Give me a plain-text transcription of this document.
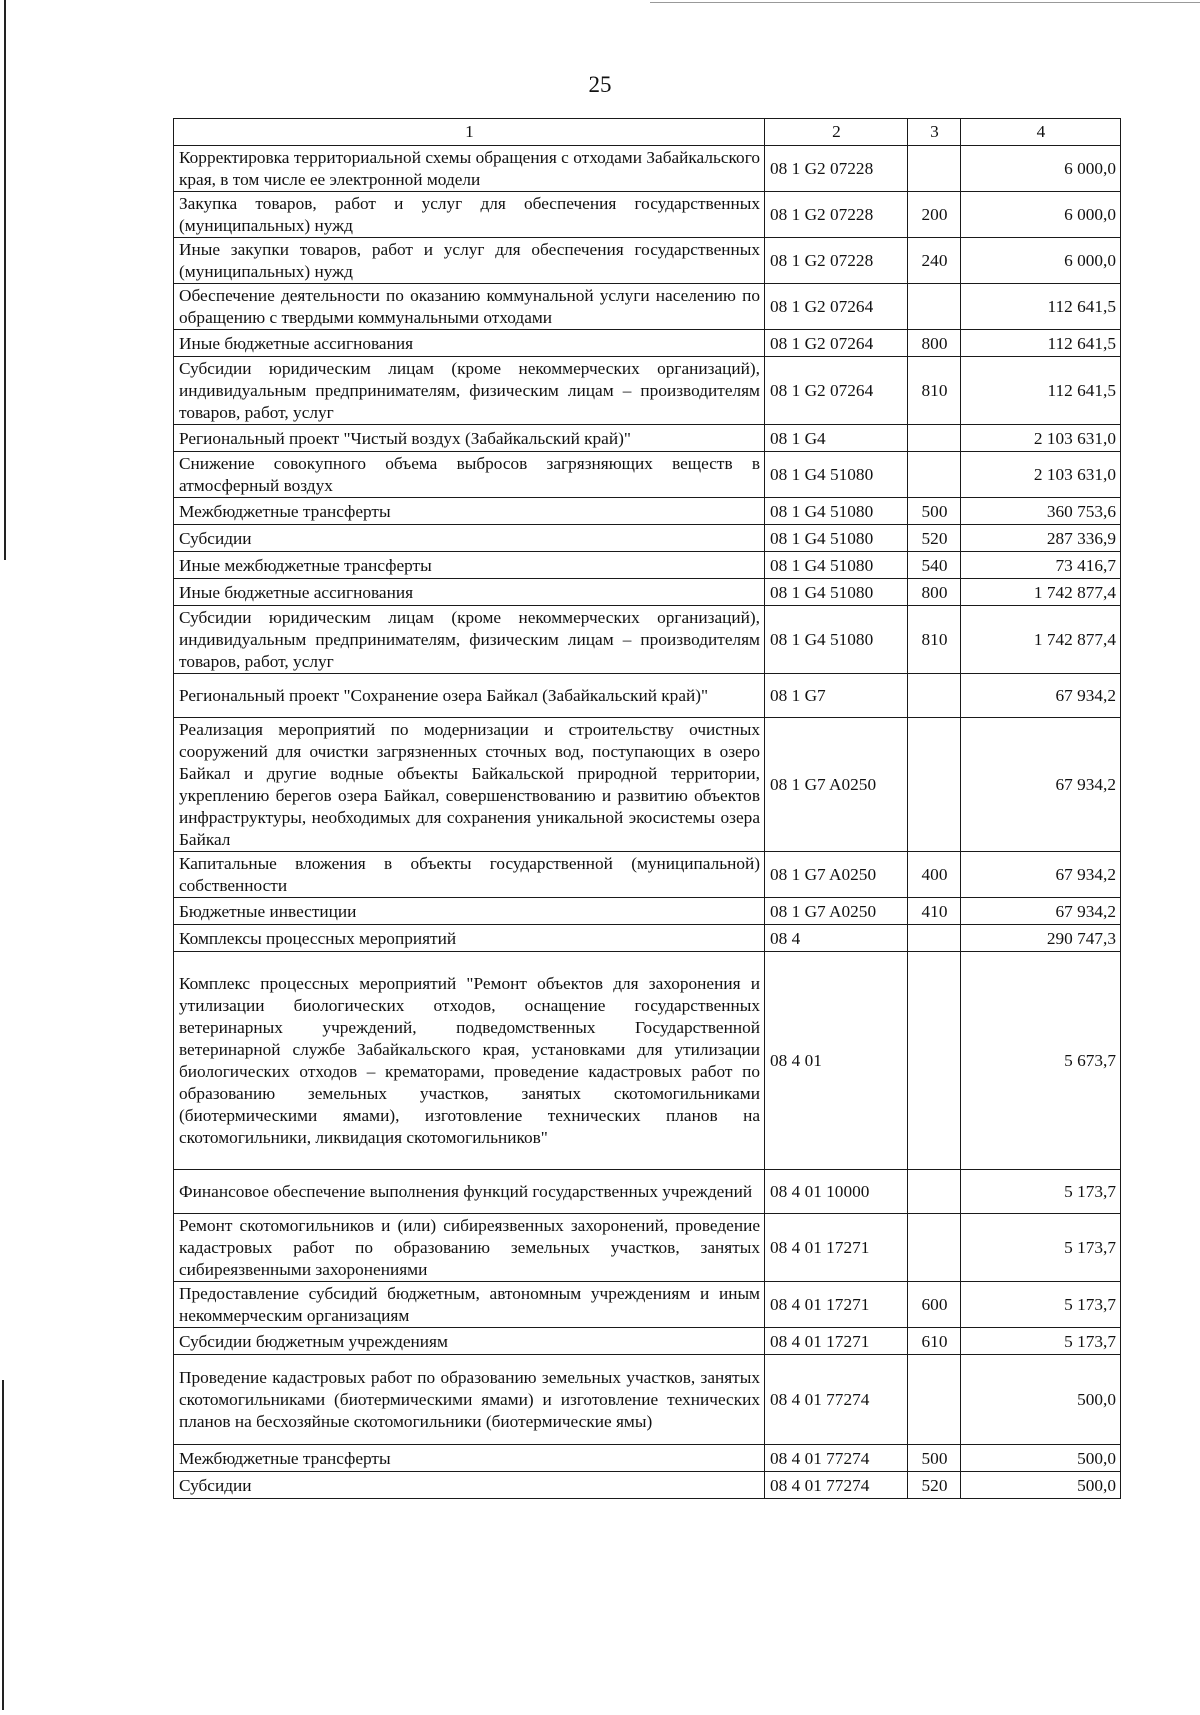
25
1	2	3	4
Корректировка территориальной схемы обращения с отходами Забайкальского края, в том числе ее электронной модели	08 1 G2 07228		6 000,0
Закупка товаров, работ и услуг для обеспечения государственных (муниципальных) нужд	08 1 G2 07228	200	6 000,0
Иные закупки товаров, работ и услуг для обеспечения государственных (муниципальных) нужд	08 1 G2 07228	240	6 000,0
Обеспечение деятельности по оказанию коммунальной услуги населению по обращению с твердыми коммунальными отходами	08 1 G2 07264		112 641,5
Иные бюджетные ассигнования	08 1 G2 07264	800	112 641,5
Субсидии юридическим лицам (кроме некоммерческих организаций), индивидуальным предпринимателям, физическим лицам – производителям товаров, работ, услуг	08 1 G2 07264	810	112 641,5
Региональный проект "Чистый воздух (Забайкальский край)"	08 1 G4		2 103 631,0
Снижение совокупного объема выбросов загрязняющих веществ в атмосферный воздух	08 1 G4 51080		2 103 631,0
Межбюджетные трансферты	08 1 G4 51080	500	360 753,6
Субсидии	08 1 G4 51080	520	287 336,9
Иные межбюджетные трансферты	08 1 G4 51080	540	73 416,7
Иные бюджетные ассигнования	08 1 G4 51080	800	1 742 877,4
Субсидии юридическим лицам (кроме некоммерческих организаций), индивидуальным предпринимателям, физическим лицам – производителям товаров, работ, услуг	08 1 G4 51080	810	1 742 877,4
Региональный проект "Сохранение озера Байкал (Забайкальский край)"	08 1 G7		67 934,2
Реализация мероприятий по модернизации и строительству очистных сооружений для очистки загрязненных сточных вод, поступающих в озеро Байкал и другие водные объекты Байкальской природной территории, укреплению берегов озера Байкал, совершенствованию и развитию объектов инфраструктуры, необходимых для сохранения уникальной экосистемы озера Байкал	08 1 G7 A0250		67 934,2
Капитальные вложения в объекты государственной (муниципальной) собственности	08 1 G7 A0250	400	67 934,2
Бюджетные инвестиции	08 1 G7 A0250	410	67 934,2
Комплексы процессных мероприятий	08 4		290 747,3
Комплекс процессных мероприятий "Ремонт объектов для захоронения и утилизации биологических отходов, оснащение государственных ветеринарных учреждений, подведомственных Государственной ветеринарной службе Забайкальского края, установками для утилизации биологических отходов – крематорами, проведение кадастровых работ по образованию земельных участков, занятых скотомогильниками (биотермическими ямами), изготовление технических планов на скотомогильники, ликвидация скотомогильников"	08 4 01		5 673,7
Финансовое обеспечение выполнения функций государственных учреждений	08 4 01 10000		5 173,7
Ремонт скотомогильников и (или) сибиреязвенных захоронений, проведение кадастровых работ по образованию земельных участков, занятых сибиреязвенными захоронениями	08 4 01 17271		5 173,7
Предоставление субсидий бюджетным, автономным учреждениям и иным некоммерческим организациям	08 4 01 17271	600	5 173,7
Субсидии бюджетным учреждениям	08 4 01 17271	610	5 173,7
Проведение кадастровых работ по образованию земельных участков, занятых скотомогильниками (биотермическими ямами) и изготовление технических планов на бесхозяйные скотомогильники (биотермические ямы)	08 4 01 77274		500,0
Межбюджетные трансферты	08 4 01 77274	500	500,0
Субсидии	08 4 01 77274	520	500,0
